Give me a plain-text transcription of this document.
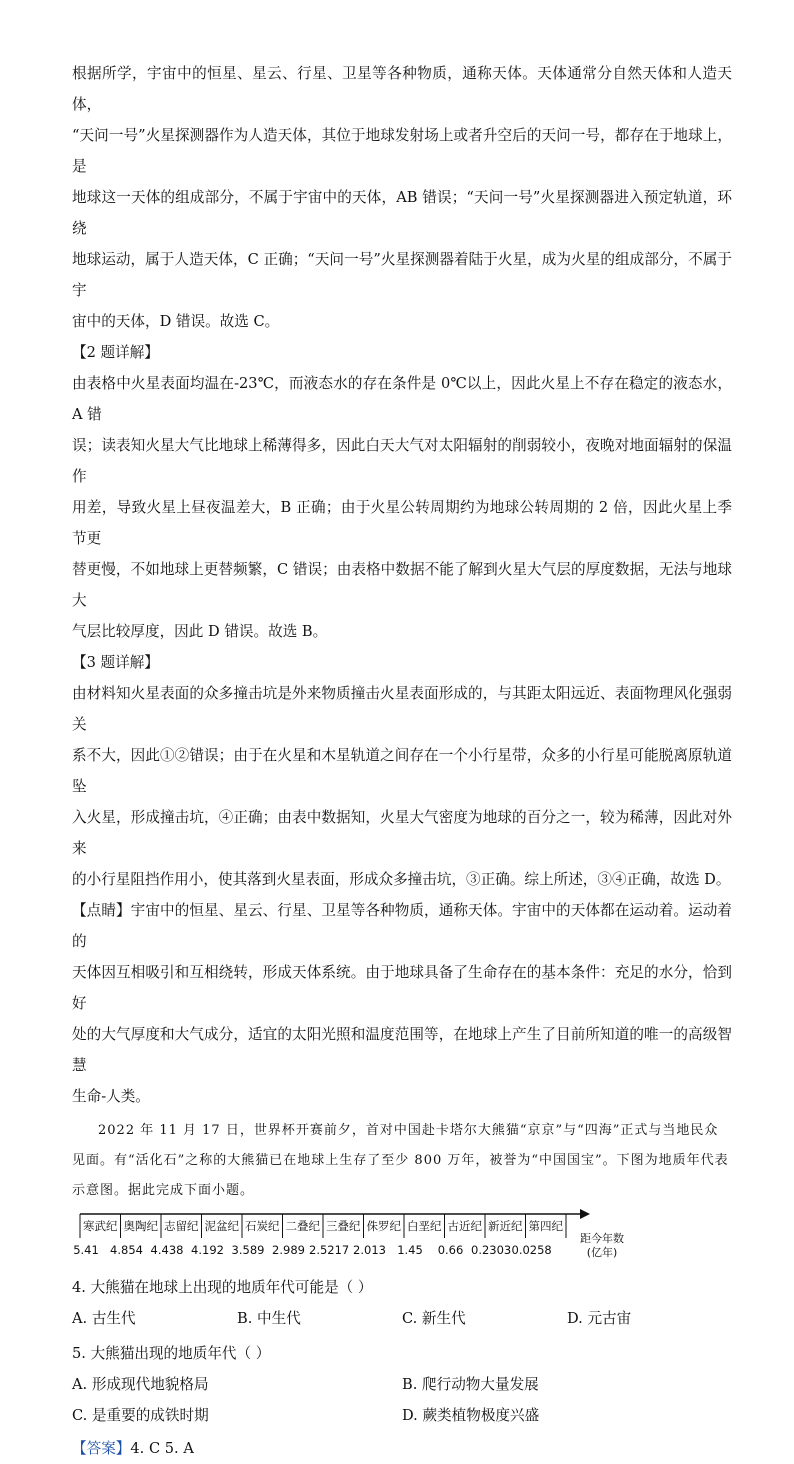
根据所学，宇宙中的恒星、星云、行星、卫星等各种物质，通称天体。天体通常分自然天体和人造天体，

“天问一号”火星探测器作为人造天体，其位于地球发射场上或者升空后的天问一号，都存在于地球上，是

地球这一天体的组成部分，不属于宇宙中的天体，AB 错误；“天问一号”火星探测器进入预定轨道，环绕

地球运动，属于人造天体，C 正确；“天问一号”火星探测器着陆于火星，成为火星的组成部分，不属于宇

宙中的天体，D 错误。故选 C。

【2 题详解】

由表格中火星表面均温在-23℃，而液态水的存在条件是 0℃以上，因此火星上不存在稳定的液态水，A 错

误；读表知火星大气比地球上稀薄得多，因此白天大气对太阳辐射的削弱较小，夜晚对地面辐射的保温作

用差，导致火星上昼夜温差大，B 正确；由于火星公转周期约为地球公转周期的 2 倍，因此火星上季节更

替更慢，不如地球上更替频繁，C 错误；由表格中数据不能了解到火星大气层的厚度数据，无法与地球大

气层比较厚度，因此 D 错误。故选 B。

【3 题详解】

由材料知火星表面的众多撞击坑是外来物质撞击火星表面形成的，与其距太阳远近、表面物理风化强弱关

系不大，因此①②错误；由于在火星和木星轨道之间存在一个小行星带，众多的小行星可能脱离原轨道坠

入火星，形成撞击坑，④正确；由表中数据知，火星大气密度为地球的百分之一，较为稀薄，因此对外来

的小行星阻挡作用小，使其落到火星表面，形成众多撞击坑，③正确。综上所述，③④正确，故选 D。

【点睛】宇宙中的恒星、星云、行星、卫星等各种物质，通称天体。宇宙中的天体都在运动着。运动着的

天体因互相吸引和互相绕转，形成天体系统。由于地球具备了生命存在的基本条件：充足的水分，恰到好

处的大气厚度和大气成分，适宜的太阳光照和温度范围等，在地球上产生了目前所知道的唯一的高级智慧

生命-人类。

2022 年 11 月 17 日，世界杯开赛前夕，首对中国赴卡塔尔大熊猫“京京”与“四海”正式与当地民众见面。有“活化石”之称的大熊猫已在地球上生存了至少 800 万年，被誉为“中国国宝”。下图为地质年代表示意图。据此完成下面小题。

寒武纪 奥陶纪 志留纪 泥盆纪 石炭纪 二叠纪 三叠纪 侏罗纪 白垩纪 古近纪 新近纪 第四纪
5.41 4.854 4.438 4.192 3.589 2.989 2.5217 2.013 1.45	0.66 0.2303 0.0258
距今年数
(亿年)

4. 大熊猫在地球上出现的地质年代可能是（ ）

A. 古生代	B. 中生代	C. 新生代	D. 元古宙

5. 大熊猫出现的地质年代（ ）

A. 形成现代地貌格局	B. 爬行动物大量发展
C. 是重要的成铁时期	D. 蕨类植物极度兴盛

【答案】4. C 5. A
